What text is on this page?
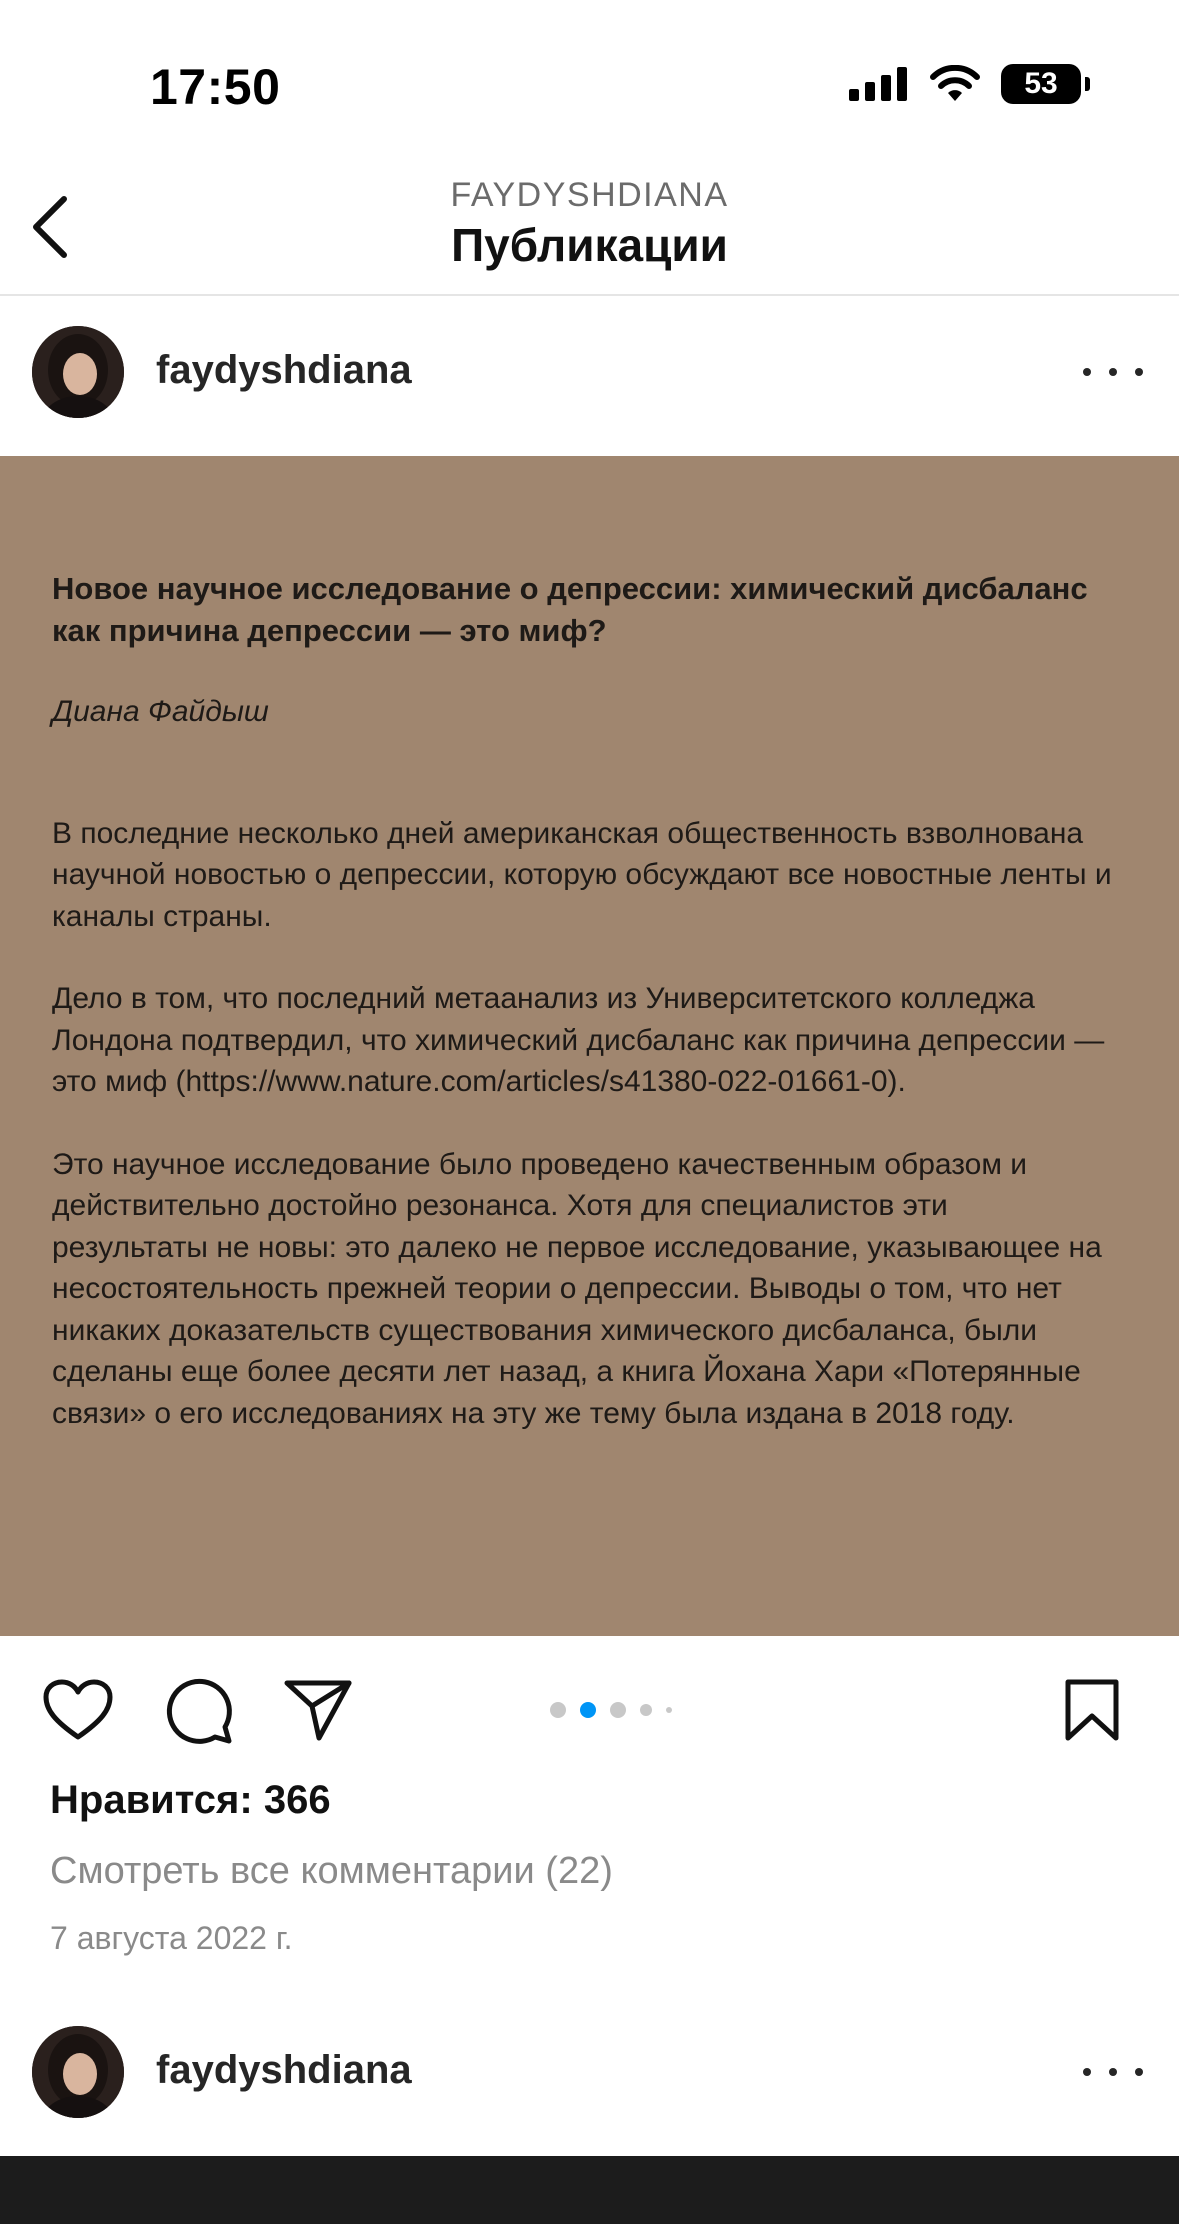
17:50	53
FAYDYSHDIANA
Публикации
faydyshdiana

Новое научное исследование о депрессии: химический дисбаланс как причина депрессии — это миф?

Диана Файдыш

В последние несколько дней американская общественность взволнована научной новостью о депрессии, которую обсуждают все новостные ленты и каналы страны.

Дело в том, что последний метаанализ из Университетского колледжа Лондона подтвердил, что химический дисбаланс как причина депрессии — это миф (https://www.nature.com/articles/s41380-022-01661-0).

Это научное исследование было проведено качественным образом и действительно достойно резонанса. Хотя для специалистов эти результаты не новы: это далеко не первое исследование, указывающее на несостоятельность прежней теории о депрессии. Выводы о том, что нет никаких доказательств существования химического дисбаланса, были сделаны еще более десяти лет назад, а книга Йохана Хари «Потерянные связи» о его исследованиях на эту же тему была издана в 2018 году.

Нравится: 366
Смотреть все комментарии (22)
7 августа 2022 г.
faydyshdiana
